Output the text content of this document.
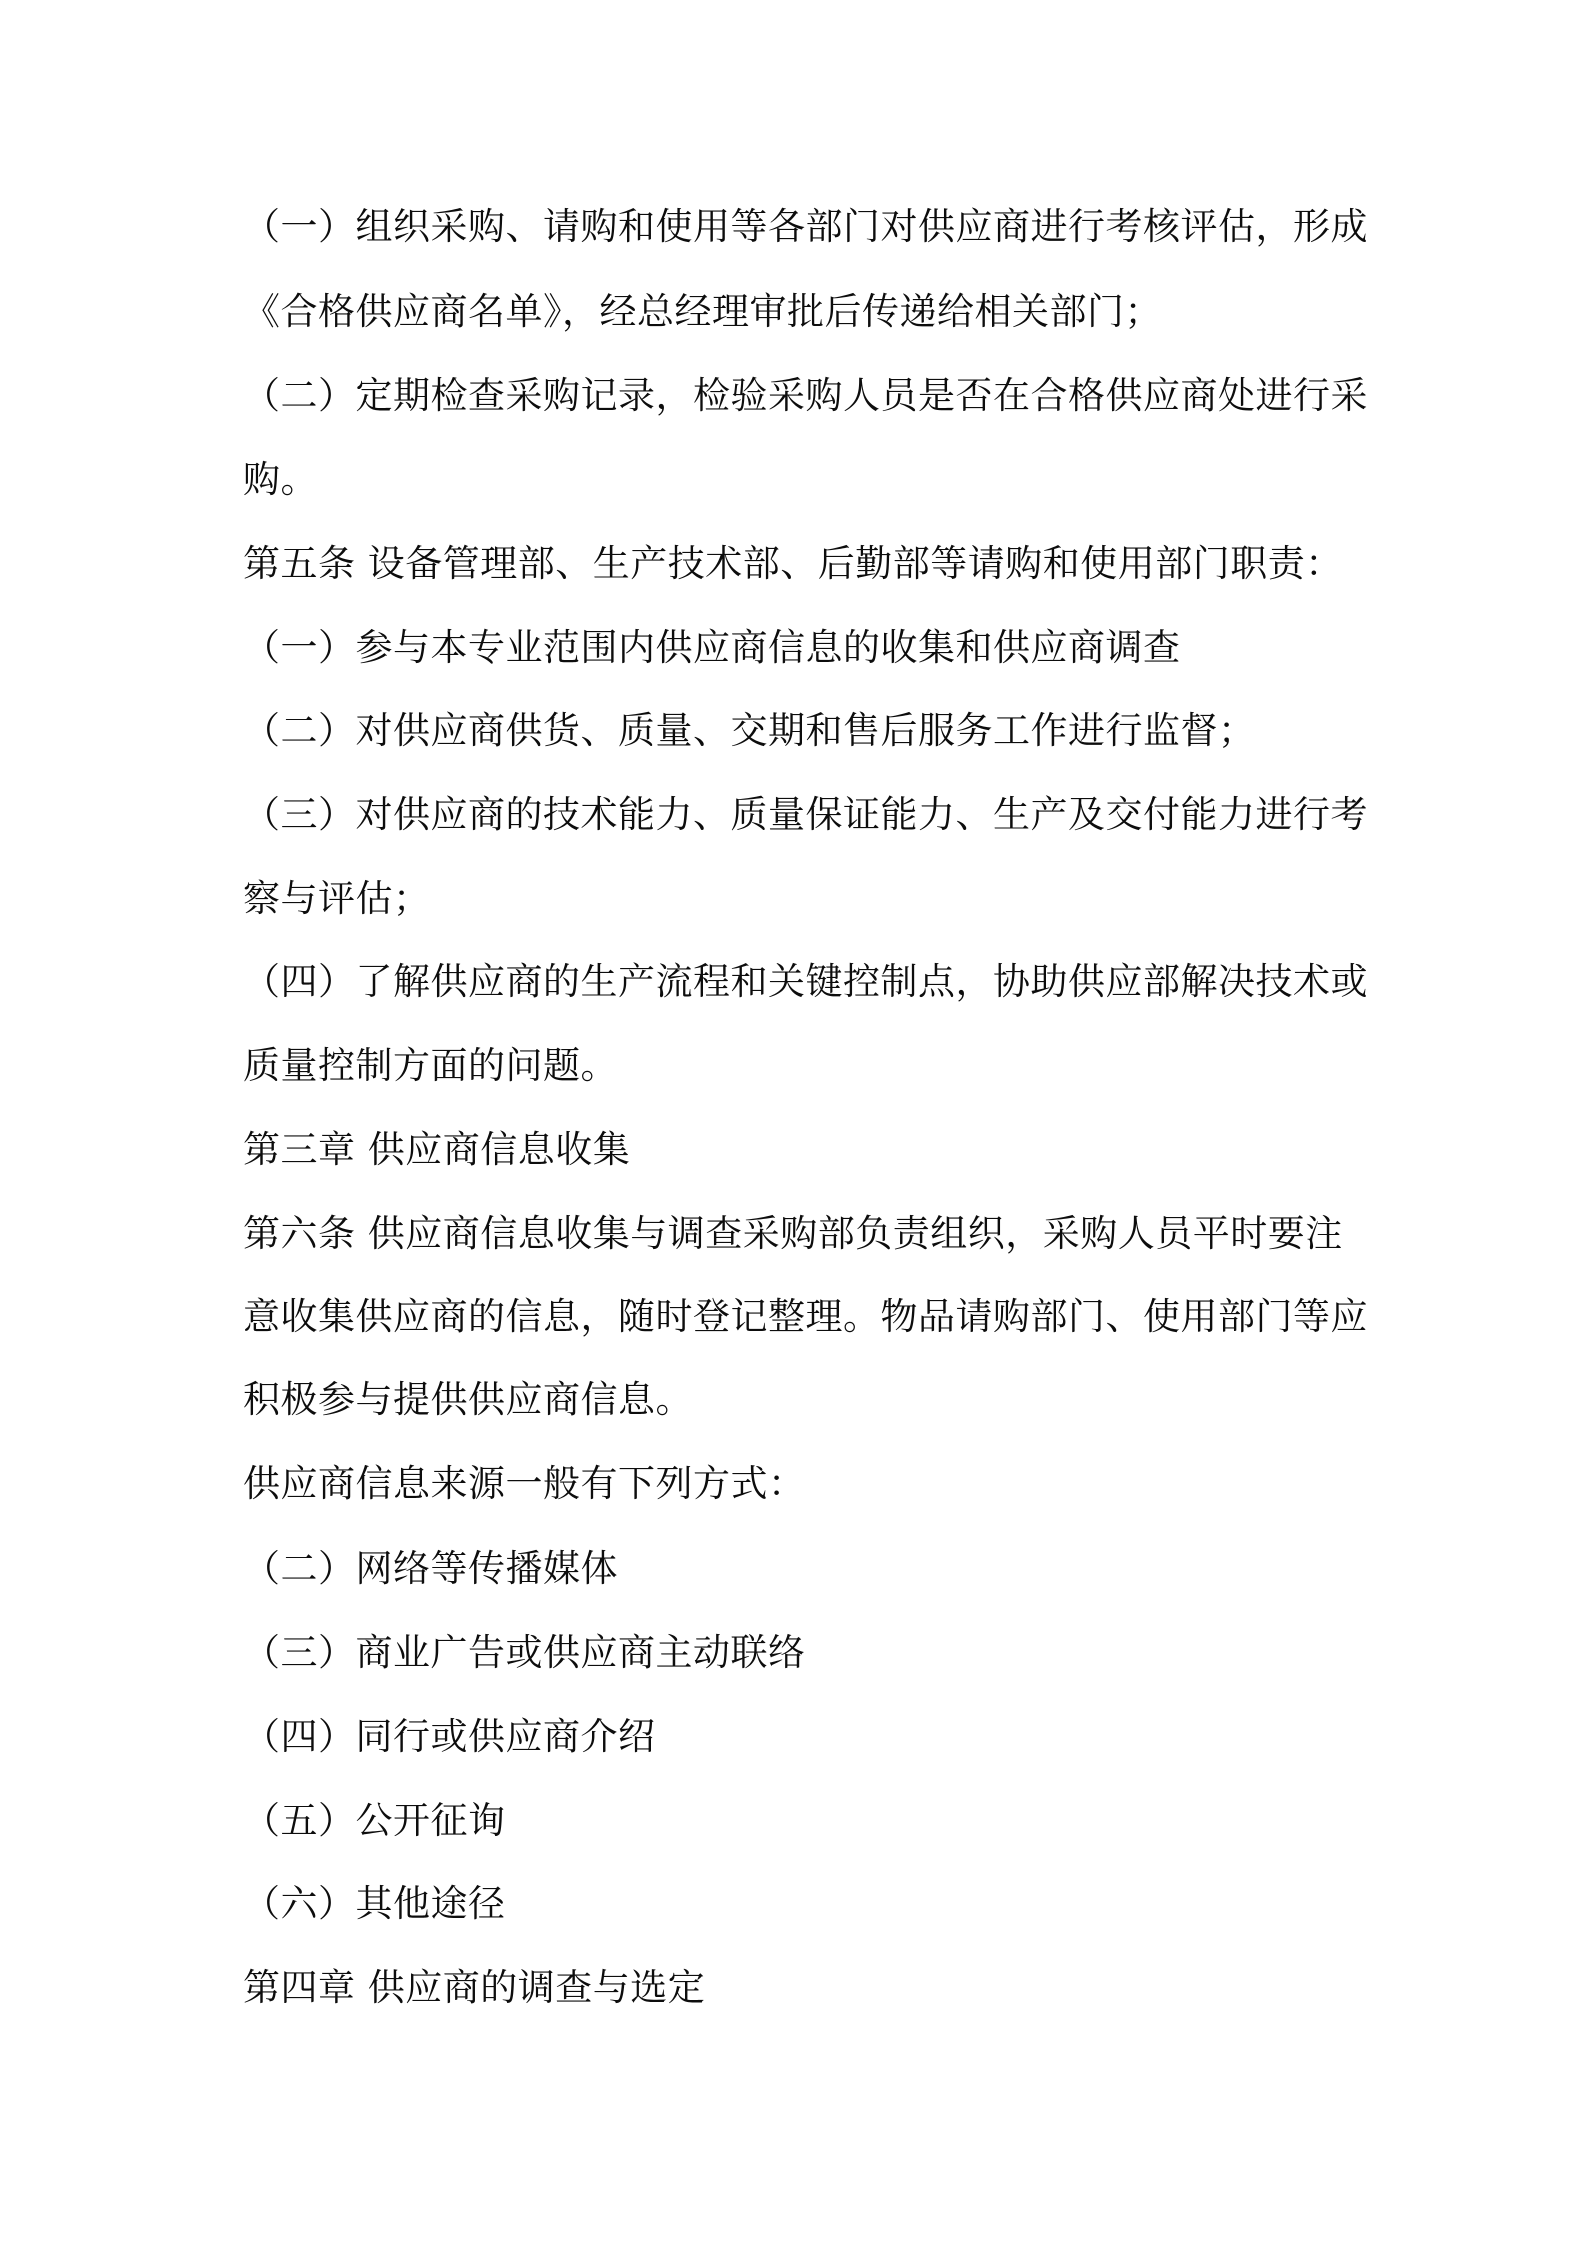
（一）组织采购、请购和使用等各部门对供应商进行考核评估，形成
《合格供应商名单》，经总经理审批后传递给相关部门；
（二）定期检查采购记录，检验采购人员是否在合格供应商处进行采
购。
第五条 设备管理部、生产技术部、后勤部等请购和使用部门职责：
（一）参与本专业范围内供应商信息的收集和供应商调查
（二）对供应商供货、质量、交期和售后服务工作进行监督；
（三）对供应商的技术能力、质量保证能力、生产及交付能力进行考
察与评估；
（四）了解供应商的生产流程和关键控制点，协助供应部解决技术或
质量控制方面的问题。
第三章 供应商信息收集
第六条 供应商信息收集与调查采购部负责组织，采购人员平时要注
意收集供应商的信息，随时登记整理。物品请购部门、使用部门等应
积极参与提供供应商信息。
供应商信息来源一般有下列方式：
（二）网络等传播媒体
（三）商业广告或供应商主动联络
（四）同行或供应商介绍
（五）公开征询
（六）其他途径
第四章 供应商的调查与选定
